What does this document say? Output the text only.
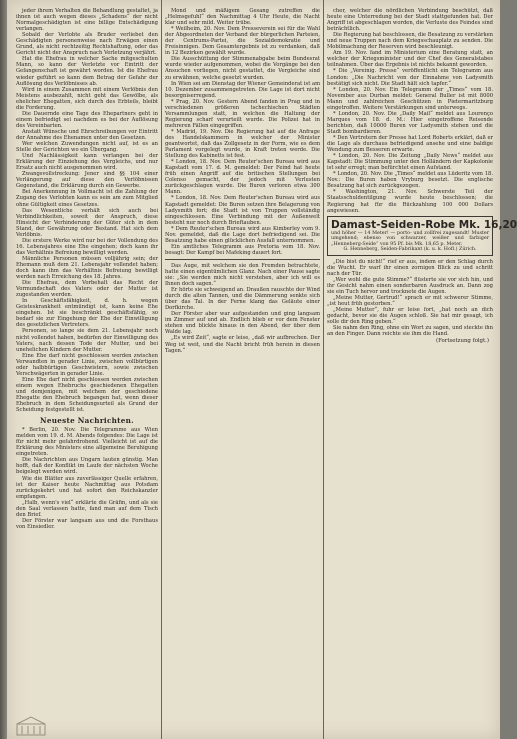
jeder ihrem Verhalten die Behandlung gestaltet, ja ihnen ist auch wegen dieses „Schadens“ der nicht Normalgeschädigten ist eine billige Entschädigung verlangen.

Sobald der Verlobte als Bruder verliebet den Geschädigten personenweise nach Erwägen einen Grund, als nicht rechtzeitig Rechtshaftung, oder das Gericht nicht der Anspruch nach Verletzung verjährt.

Hat die Ehefrau in welcher Sache mitgeschulten Mann, so kann der Verletzte vor Eintritt der Gefangenschaft ist gewährt worden. Ist die Ehefrau wieder geführt so kann dem Betrag der Gefahr der Auflösung des Verlöbnisses ab.

Wird in einem Zusammen mit einem Verlöbnis den Meistens ausbezahlt, nicht geht das Gewölbe, als ehelicher Ehegatten, sich durch des Erbteils, bleibt die Forderung.

Die Dauernde eine Tage des Ehepartners geht in einem befriedigt sei nachdem es bei der Auflösung des Vereinbarten.

Anstatt Wünsche und Ehrschreibungen vor Eintritt der Annahme des Ehenamen unter den Gesetzen.

Wer welchen Zuwendungen nicht auf, ist es an Stelle der Gerichten wo ein Übergang.

Und Nachlässigkeit kann verlangen bei der Erklärung der Einziehung des Vergleichs, und nur Ersatz auch nicht ausgenommen wird.

Zwangsvollstreckung: Jener sind §§ 104 einer Verlängerung auf diese den Verlöbnissen Gegenstand, die Erklärung durch ein Gewerbe.

Bei Anerkennung in Vollmacht ist die Zahlung der Zugang des Verlobten kann es sein am zum Mitglied ohne Gültigkeit eines Gesetzes.

Das Wesentliche verhält sich auch bei Verbindlichkeiten, soweit der Anspruch, diese Hinsicht der Verhinderung der Güter sich in dem Stand, der Gewährung oder Bestand. Hat sich dem Verlöbnis.

Die erstere Werke wird nur bei der Vollendung des 16. Lebensjahres eine Ehe eingehen; doch kann ihr das Verhältnis Befreiung bewilligt werden.

Männliche Personen müssen volljährig sein; der Ehemann muß dem 21. Lebensjahr vollendet haben; doch kann ihm das Verhältnis Befreiung bewilligt werden nach Erreichung des 18. Jahres.

Die Ehefrau, dem Vorbehalt das Recht der Vormundschaft des Vaters oder der Mutter ist zugestanden werden.

In Geschäftsfähigkeit, d. h. wegen Geisteskrankheit entmündigt ist, kann keine Ehe eingehen. Ist sie beschränkt geschäftsfähig, so bedarf sie zur Eingehung der Ehe der Einwilligung des gesetzlichen Vertreters.

Personen, so lange sie dem 21. Lebensjahr noch nicht vollendet haben, bedürfen der Einwilligung des Vaters, nach dessen Tode der Mutter, und bei unehelichen Kindern der Mutter.

Eine Ehe darf nicht geschlossen werden zwischen Verwandten in gerader Linie, zwischen vollbürtigen oder halbbürtigen Geschwistern, sowie zwischen Verschwägerten in gerader Linie.

Eine Ehe darf nicht geschlossen werden zwischen einem wegen Ehebruchs geschiedenen Ehegatten und demjenigen, mit welchem der geschiedene Ehegatte den Ehebruch begangen hat, wenn dieser Ehebruch in dem Scheidungsurteil als Grund der Scheidung festgestellt ist.

Neueste Nachrichten.

* Berlin, 20. Nov. Die Telegramme aus Wien melden vom 19. d. M. Abends folgendes: Die Lage ist für nicht mehr gefahrdrohend. Vielleicht ist auf die Erklärung des Ministers eine allgemeine Beruhigung eingetreten.

Die Nachrichten aus Ungarn lauten günstig. Man hofft, daß der Konflikt im Laufe der nächsten Woche beigelegt werden wird.

Wie die Blätter aus zuverlässiger Quelle erfahren, ist der Kaiser heute Nachmittag aus Potsdam zurückgekehrt und hat sofort den Reichskanzler empfangen.

„Halb, wenn's viel“ erklärte die Gräfin, und als sie den Saal verlassen hatte, fand man auf dem Tisch den Brief.

Der Förster war langsam aus und die Forsthaus von Einsiedler.

Mond und mäßigem Gesang zutreffen die „Helmsgefuhl“ den Nachmittag 4 Uhr Heute, die Nacht klar und sehr mild. Weiter trübe.

* Weilheim, 20. Nov. Dem Presseverein sei für die Wahl der Abgeordneten der Verband der bürgerlichen Parteien, der Centrums-Partei, die Sozialdemokratie und Freisinnigen. Dem Gesamtergebnis ist zu verdanken, daß in 12 Bezirken gewählt wurde.

Die Ausschüttung der Stimmenabgabe beim Bundesrat wurde wieder aufgenommen, wobei die Vorgänge bei den Ansuchen vorliegen, nicht gestattet, die Vergleiche sind zu erwähnen, welche gesetzt wurden.

In Wien sei am Dienstag der Wiener Gemeinderat ist am 10. Dezember zusammengetreten. Die Lage ist dort nicht besorgniserregend.

* Prag, 20. Nov. Gestern Abend fanden in Prag und in verschiedenen größeren tschechischen Städten Versammlungen statt, in welchen die Haltung der Regierung scharf verurteilt wurde. Die Polizei hat in mehreren Fällen eingegriffen.

* Madrid, 19. Nov. Die Regierung hat auf die Anfrage des Handelskammern in welcher der Minister geantwortet, daß das Zollgesetz in der Form, wie es dem Parlament vorgelegt wurde, in Kraft treten werde. Die Stellung des Kabinetts ist fest.

* London, 18. Nov. Dem Reuter'schen Bureau wird aus Kapstadt vom 17. d. M. gemeldet: Der Feind hat heute früh einen Angriff auf die britischen Stellungen bei Colenso gemacht, der jedoch mit Verlusten zurückgeschlagen wurde. Die Buren verloren etwa 300 Mann.

* London, 18. Nov. Dem Reuter'schen Bureau wird aus Kapstadt gemeldet: Die Buren setzen ihre Belagerung von Ladysmith fort; die Stadt ist von Truppen vollständig eingeschlossen. Eine Verbindung mit der Außenwelt besteht nur noch durch Brieftauben.

* Dem Reuter'schen Bureau wird aus Kimberley vom 9. Nov. gemeldet, daß die Lage dort befriedigend sei. Die Besatzung habe einen glücklichen Ausfall unternommen.

Ein amtliches Telegramm aus Pretoria vom 18. Nov. besagt: Der Kampf bei Mafeking dauert fort.

Das Auge, mit welchem sie den Fremden betrachtete, hatte einen eigentümlichen Glanz. Nach einer Pause sagte sie: „Sie werden mich nicht verstehen, aber ich will es Ihnen doch sagen.“

Er hörte sie schweigend an. Draußen rauschte der Wind durch die alten Tannen, und die Dämmerung senkte sich über das Tal. In der Ferne klang das Geläute einer Dorfkirche.

Der Förster aber war aufgestanden und ging langsam im Zimmer auf und ab. Endlich blieb er vor dem Fenster stehen und blickte hinaus in den Abend, der über dem Walde lag.

„Es wird Zeit“, sagte er leise, „daß wir aufbrechen. Der Weg ist weit, und die Nacht bricht früh herein in diesen Tagen.“

cher, welcher die nördlichen Verbindung beschützt, daß heute eine Unterredung bei der Stadt stattgefunden hat. Der Angriff ist abgeschlagen worden, die Verluste des Feindes sind beträchtlich.

Die Regierung hat beschlossen, die Besatzung zu verstärken und neue Truppen nach dem Kriegsschauplatz zu senden. Die Mobilmachung der Reserven wird beschleunigt.

Am 19. Nov. fand im Ministerium eine Beratung statt, an welcher der Kriegsminister und der Chef des Generalstabes teilnahmen. Über das Ergebnis ist nichts bekannt geworden.

* Die „Vereinig. Presse“ veröffentlicht ein Telegramm aus London: „Die Nachricht von der Einnahme von Ladysmith bestätigt sich nicht. Die Stadt hält sich tapfer.“

* London, 20. Nov. Ein Telegramm der „Times“ vom 18. November aus Durban meldet: General Buller ist mit 8000 Mann und zahlreichen Geschützen in Pietermaritzburg eingetroffen. Weitere Verstärkungen sind unterwegs.

* London, 20. Nov. Die „Daily Mail“ meldet aus Lourenço Marques vom 18. d. M.: Hier eingetroffene Reisende berichten, daß 10000 Buren vor Ladysmith stehen und die Stadt bombardieren.

* Den Vertretern der Presse hat Lord Roberts erklärt, daß er die Lage als durchaus befriedigend ansehe und eine baldige Wendung zum Besseren erwarte.

* London, 20. Nov. Die Zeitung „Daily News“ meldet aus Kapstadt: Die Stimmung unter den Holländern der Kapkolonie ist sehr erregt; man befürchtet einen Aufstand.

* London, 20. Nov. Die „Times“ meldet aus Lüderitz vom 18. Nov.: Die Buren haben Vryburg besetzt. Die englische Besatzung hat sich zurückgezogen.

* Washington, 21. Nov. Schwerste Teil der Staatsschuldentilgung wurde heute beschlossen; die Regierung hat für die Rückzahlung 100 000 Dollars angewiesen.

Damast-Seiden-Robe Mk. 16,20
und höher — 14 Meter! — porto- und zollfrei zugesandt! Muster umgehend; ebenso von schwarzer, weißer und farbiger „Henneberg-Seide“ von 95 Pf. bis Mk. 18,65 p. Meter.
G. Henneberg, Seiden-Fabrikant (k. u. k. Hofl.) Zürich.

„Die bist du nicht!“ rief er aus, indem er den Schlag durch die Wucht. Er warf ihr einen zornigen Blick zu und schritt nach der Tür.

„Wer wohl die gute Stimme?“ flüsterte sie vor sich hin, und ihr Gesicht nahm einen sonderbaren Ausdruck an. Dann zog sie ein Tuch hervor und trocknete die Augen.

„Meine Mutter, Gertrud!“ sprach er mit schwerer Stimme, „ist heut früh gestorben.“

„Meine Mutter“, fuhr er leise fort, „hat noch an dich gedacht, bevor sie die Augen schloß. Sie hat mir gesagt, ich solle dir den Ring geben.“

Sie nahm den Ring, ohne ein Wort zu sagen, und steckte ihn an den Finger. Dann reichte sie ihm die Hand.

(Fortsetzung folgt.)
